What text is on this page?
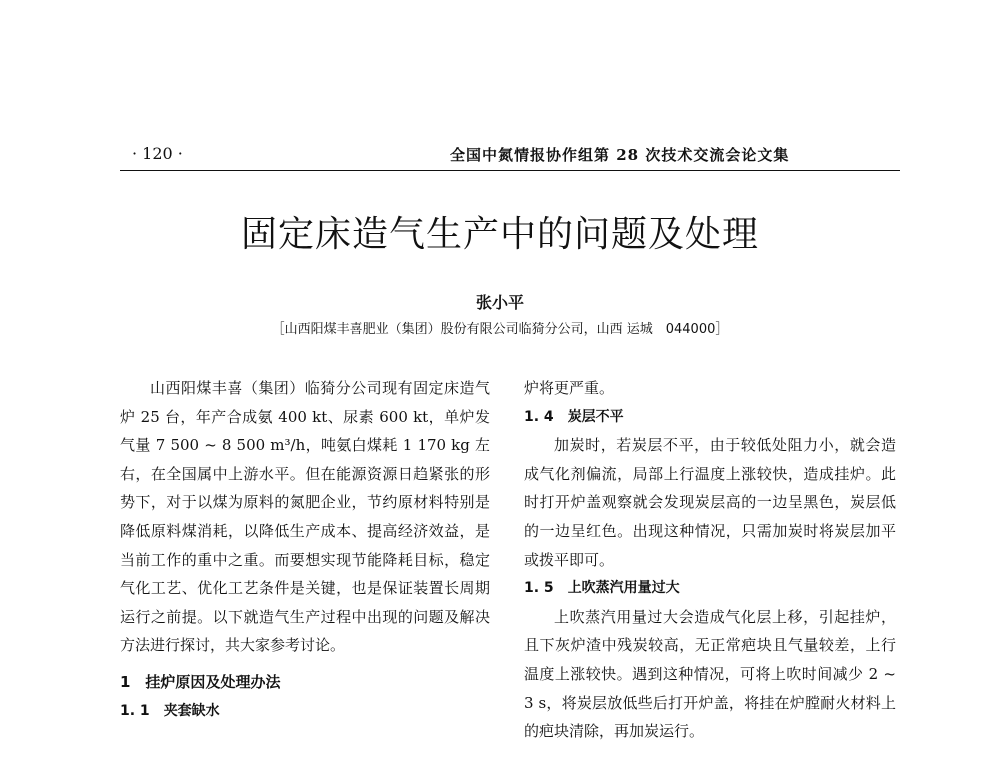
· 120 ·	全国中氮情报协作组第 28 次技术交流会论文集
固定床造气生产中的问题及处理
张小平
［山西阳煤丰喜肥业（集团）股份有限公司临猗分公司，山西 运城　044000］

山西阳煤丰喜（集团）临猗分公司现有固定床造气炉 25 台，年产合成氨 400 kt、尿素 600 kt，单炉发气量 7 500 ~ 8 500 m³/h，吨氨白煤耗 1 170 kg 左右，在全国属中上游水平。但在能源资源日趋紧张的形势下，对于以煤为原料的氮肥企业，节约原材料特别是降低原料煤消耗，以降低生产成本、提高经济效益，是当前工作的重中之重。而要想实现节能降耗目标，稳定气化工艺、优化工艺条件是关键，也是保证装置长周期运行之前提。以下就造气生产过程中出现的问题及解决方法进行探讨，共大家参考讨论。

1　挂炉原因及处理办法

1. 1 夹套缺水

炉将更严重。

1. 4 炭层不平

加炭时，若炭层不平，由于较低处阻力小，就会造成气化剂偏流，局部上行温度上涨较快，造成挂炉。此时打开炉盖观察就会发现炭层高的一边呈黑色，炭层低的一边呈红色。出现这种情况，只需加炭时将炭层加平或拨平即可。

1. 5 上吹蒸汽用量过大

上吹蒸汽用量过大会造成气化层上移，引起挂炉，且下灰炉渣中残炭较高，无正常疤块且气量较差，上行温度上涨较快。遇到这种情况，可将上吹时间减少 2 ~ 3 s，将炭层放低些后打开炉盖，将挂在炉膛耐火材料上的疤块清除，再加炭运行。
